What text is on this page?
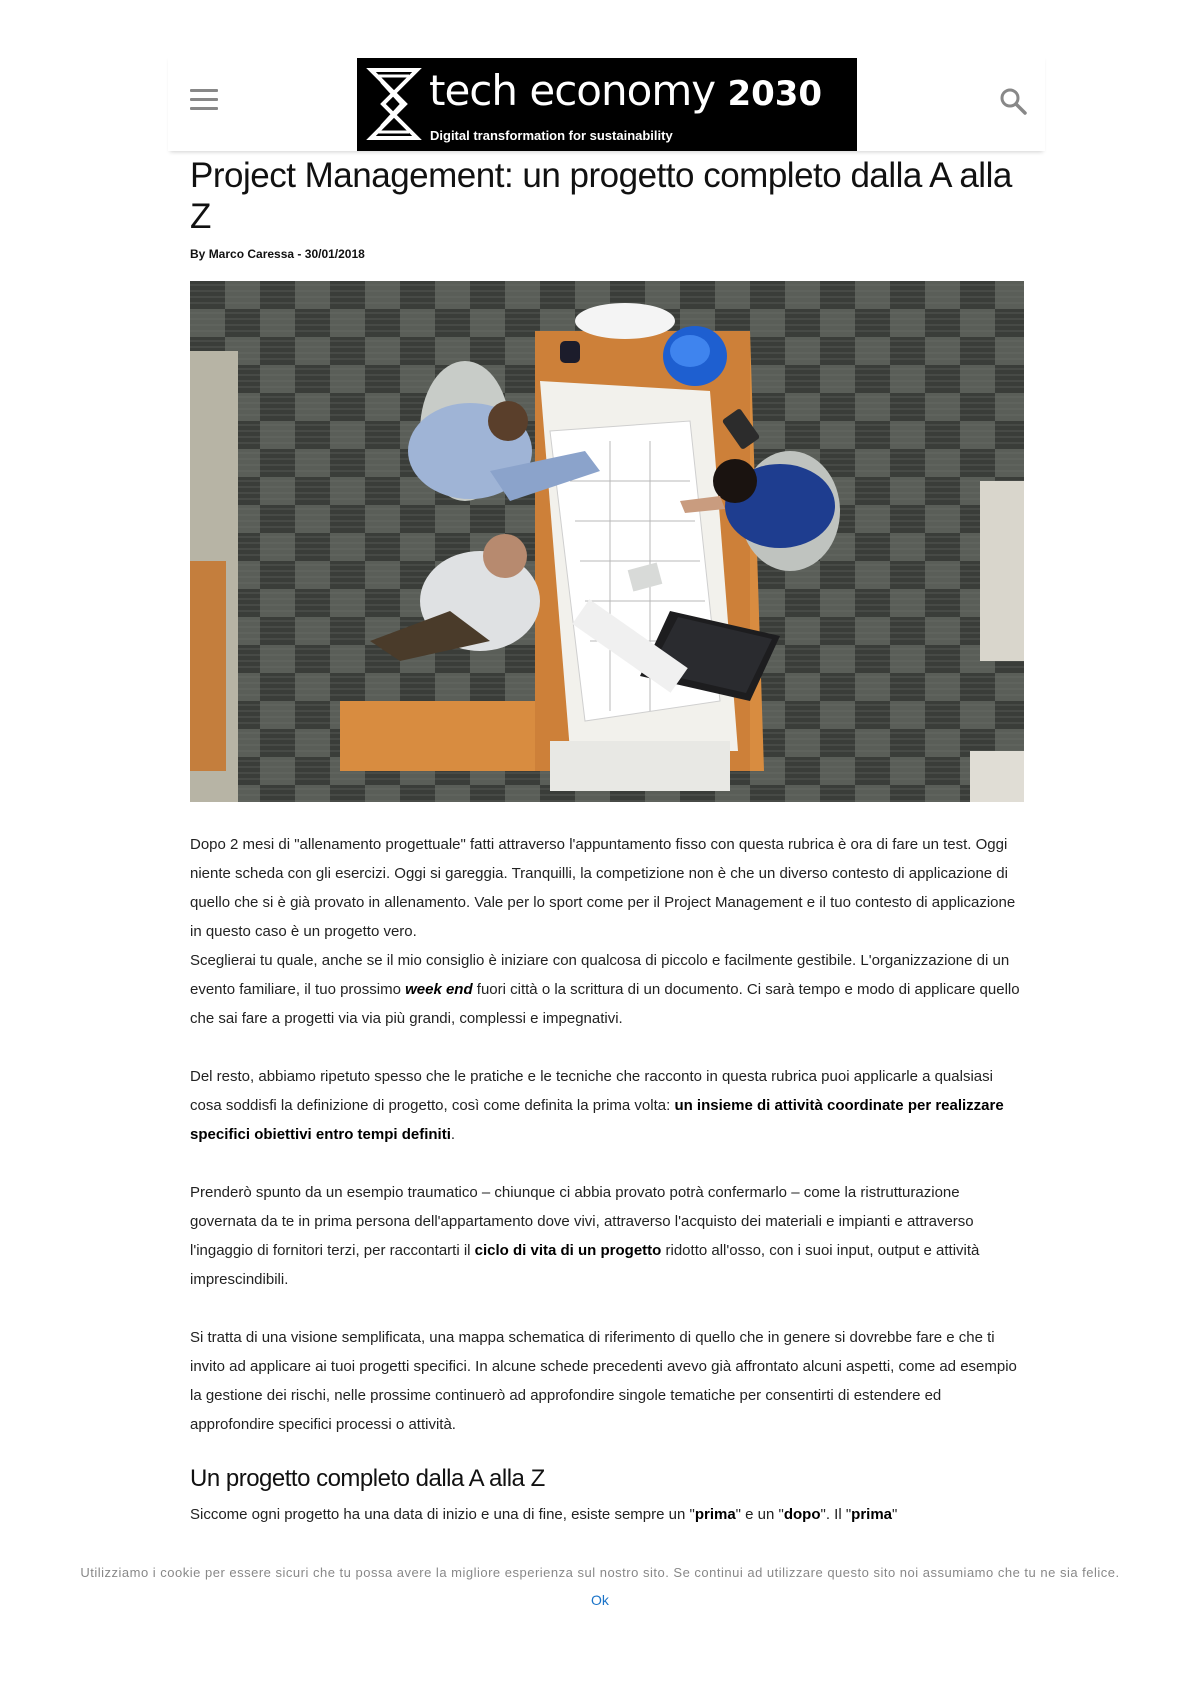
tech economy 2030
Digital transformation for sustainability
Project Management: un progetto completo dalla A alla Z
By Marco Caressa - 30/01/2018

Dopo 2 mesi di "allenamento progettuale" fatti attraverso l'appuntamento fisso con questa rubrica è ora di fare un test. Oggi niente scheda con gli esercizi. Oggi si gareggia. Tranquilli, la competizione non è che un diverso contesto di applicazione di quello che si è già provato in allenamento. Vale per lo sport come per il Project Management e il tuo contesto di applicazione in questo caso è un progetto vero.

Sceglierai tu quale, anche se il mio consiglio è iniziare con qualcosa di piccolo e facilmente gestibile. L'organizzazione di un evento familiare, il tuo prossimo week end fuori città o la scrittura di un documento. Ci sarà tempo e modo di applicare quello che sai fare a progetti via via più grandi, complessi e impegnativi.

Del resto, abbiamo ripetuto spesso che le pratiche e le tecniche che racconto in questa rubrica puoi applicarle a qualsiasi cosa soddisfi la definizione di progetto, così come definita la prima volta: un insieme di attività coordinate per realizzare specifici obiettivi entro tempi definiti.

Prenderò spunto da un esempio traumatico – chiunque ci abbia provato potrà confermarlo – come la ristrutturazione governata da te in prima persona dell'appartamento dove vivi, attraverso l'acquisto dei materiali e impianti e attraverso l'ingaggio di fornitori terzi, per raccontarti il ciclo di vita di un progetto ridotto all'osso, con i suoi input, output e attività imprescindibili.

Si tratta di una visione semplificata, una mappa schematica di riferimento di quello che in genere si dovrebbe fare e che ti invito ad applicare ai tuoi progetti specifici. In alcune schede precedenti avevo già affrontato alcuni aspetti, come ad esempio la gestione dei rischi, nelle prossime continuerò ad approfondire singole tematiche per consentirti di estendere ed approfondire specifici processi o attività.

Un progetto completo dalla A alla Z
Siccome ogni progetto ha una data di inizio e una di fine, esiste sempre un "prima" e un "dopo". Il "prima"
Utilizziamo i cookie per essere sicuri che tu possa avere la migliore esperienza sul nostro sito. Se continui ad utilizzare questo sito noi assumiamo che tu ne sia felice.
Ok
